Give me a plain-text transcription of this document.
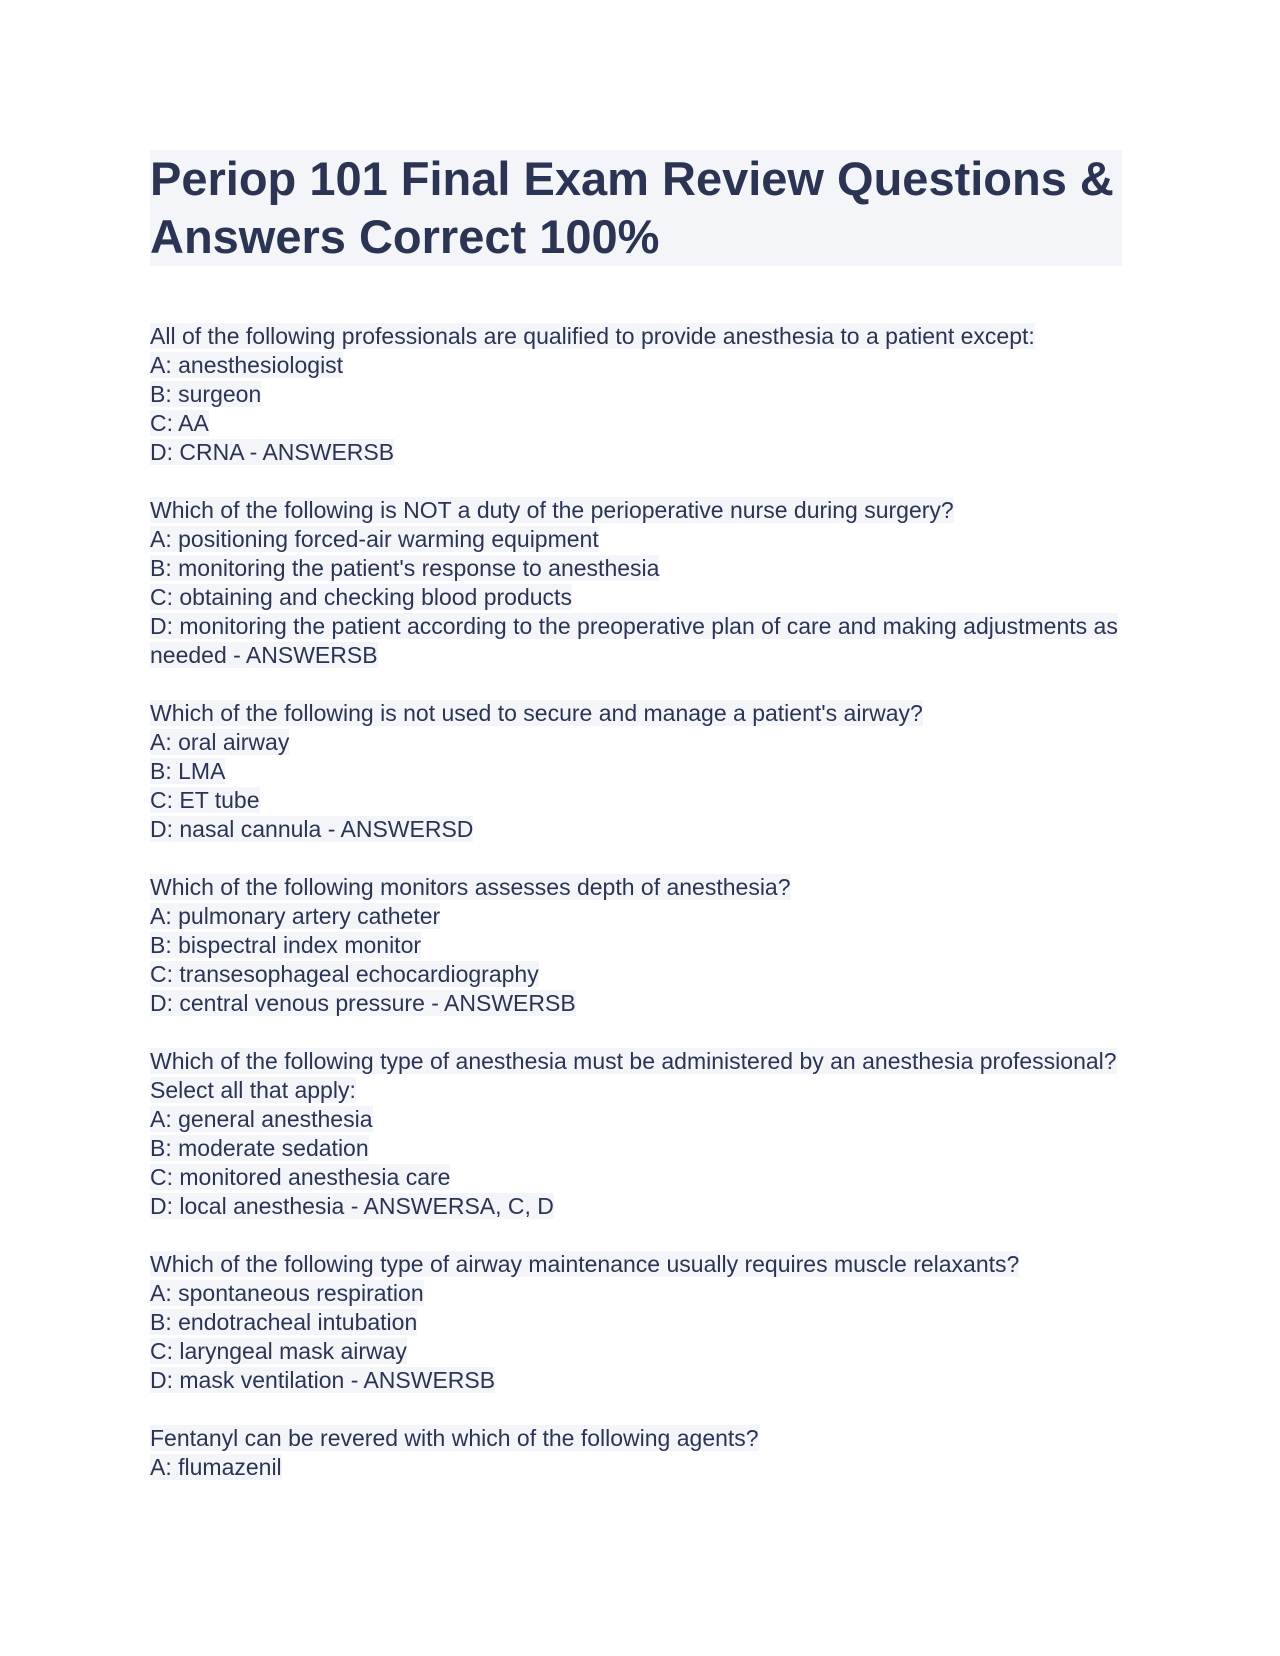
Periop 101 Final Exam Review Questions & Answers Correct 100%
All of the following professionals are qualified to provide anesthesia to a patient except:
A: anesthesiologist
B: surgeon
C: AA
D: CRNA - ANSWERSB
Which of the following is NOT a duty of the perioperative nurse during surgery?
A: positioning forced-air warming equipment
B: monitoring the patient's response to anesthesia
C: obtaining and checking blood products
D: monitoring the patient according to the preoperative plan of care and making adjustments as needed - ANSWERSB
Which of the following is not used to secure and manage a patient's airway?
A: oral airway
B: LMA
C: ET tube
D: nasal cannula - ANSWERSD
Which of the following monitors assesses depth of anesthesia?
A: pulmonary artery catheter
B: bispectral index monitor
C: transesophageal echocardiography
D: central venous pressure - ANSWERSB
Which of the following type of anesthesia must be administered by an anesthesia professional? Select all that apply:
A: general anesthesia
B: moderate sedation
C: monitored anesthesia care
D: local anesthesia - ANSWERSA, C, D
Which of the following type of airway maintenance usually requires muscle relaxants?
A: spontaneous respiration
B: endotracheal intubation
C: laryngeal mask airway
D: mask ventilation - ANSWERSB
Fentanyl can be revered with which of the following agents?
A: flumazenil
